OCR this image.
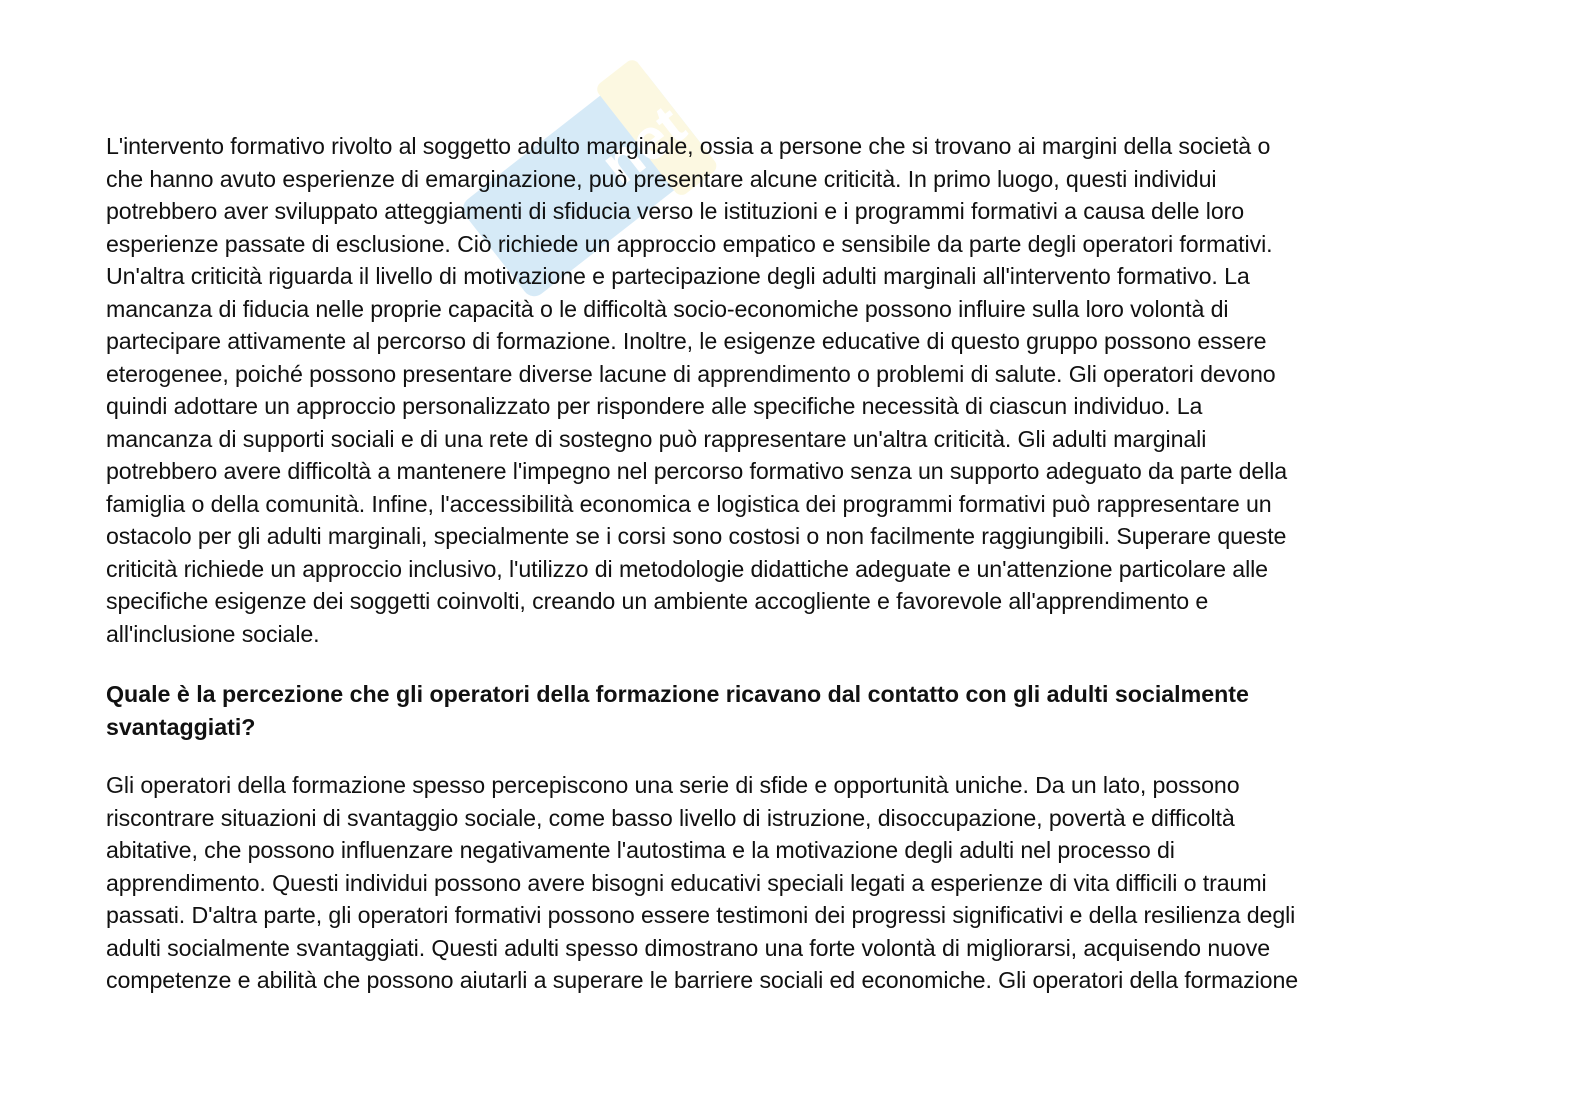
net

L'intervento formativo rivolto al soggetto adulto marginale, ossia a persone che si trovano ai margini della società o
che hanno avuto esperienze di emarginazione, può presentare alcune criticità. In primo luogo, questi individui
potrebbero aver sviluppato atteggiamenti di sfiducia verso le istituzioni e i programmi formativi a causa delle loro
esperienze passate di esclusione. Ciò richiede un approccio empatico e sensibile da parte degli operatori formativi.
Un'altra criticità riguarda il livello di motivazione e partecipazione degli adulti marginali all'intervento formativo. La
mancanza di fiducia nelle proprie capacità o le difficoltà socio-economiche possono influire sulla loro volontà di
partecipare attivamente al percorso di formazione. Inoltre, le esigenze educative di questo gruppo possono essere
eterogenee, poiché possono presentare diverse lacune di apprendimento o problemi di salute. Gli operatori devono
quindi adottare un approccio personalizzato per rispondere alle specifiche necessità di ciascun individuo. La
mancanza di supporti sociali e di una rete di sostegno può rappresentare un'altra criticità. Gli adulti marginali
potrebbero avere difficoltà a mantenere l'impegno nel percorso formativo senza un supporto adeguato da parte della
famiglia o della comunità. Infine, l'accessibilità economica e logistica dei programmi formativi può rappresentare un
ostacolo per gli adulti marginali, specialmente se i corsi sono costosi o non facilmente raggiungibili. Superare queste
criticità richiede un approccio inclusivo, l'utilizzo di metodologie didattiche adeguate e un'attenzione particolare alle
specifiche esigenze dei soggetti coinvolti, creando un ambiente accogliente e favorevole all'apprendimento e
all'inclusione sociale.

Quale è la percezione che gli operatori della formazione ricavano dal contatto con gli adulti socialmente
svantaggiati?

Gli operatori della formazione spesso percepiscono una serie di sfide e opportunità uniche. Da un lato, possono
riscontrare situazioni di svantaggio sociale, come basso livello di istruzione, disoccupazione, povertà e difficoltà
abitative, che possono influenzare negativamente l'autostima e la motivazione degli adulti nel processo di
apprendimento. Questi individui possono avere bisogni educativi speciali legati a esperienze di vita difficili o traumi
passati. D'altra parte, gli operatori formativi possono essere testimoni dei progressi significativi e della resilienza degli
adulti socialmente svantaggiati. Questi adulti spesso dimostrano una forte volontà di migliorarsi, acquisendo nuove
competenze e abilità che possono aiutarli a superare le barriere sociali ed economiche. Gli operatori della formazione
